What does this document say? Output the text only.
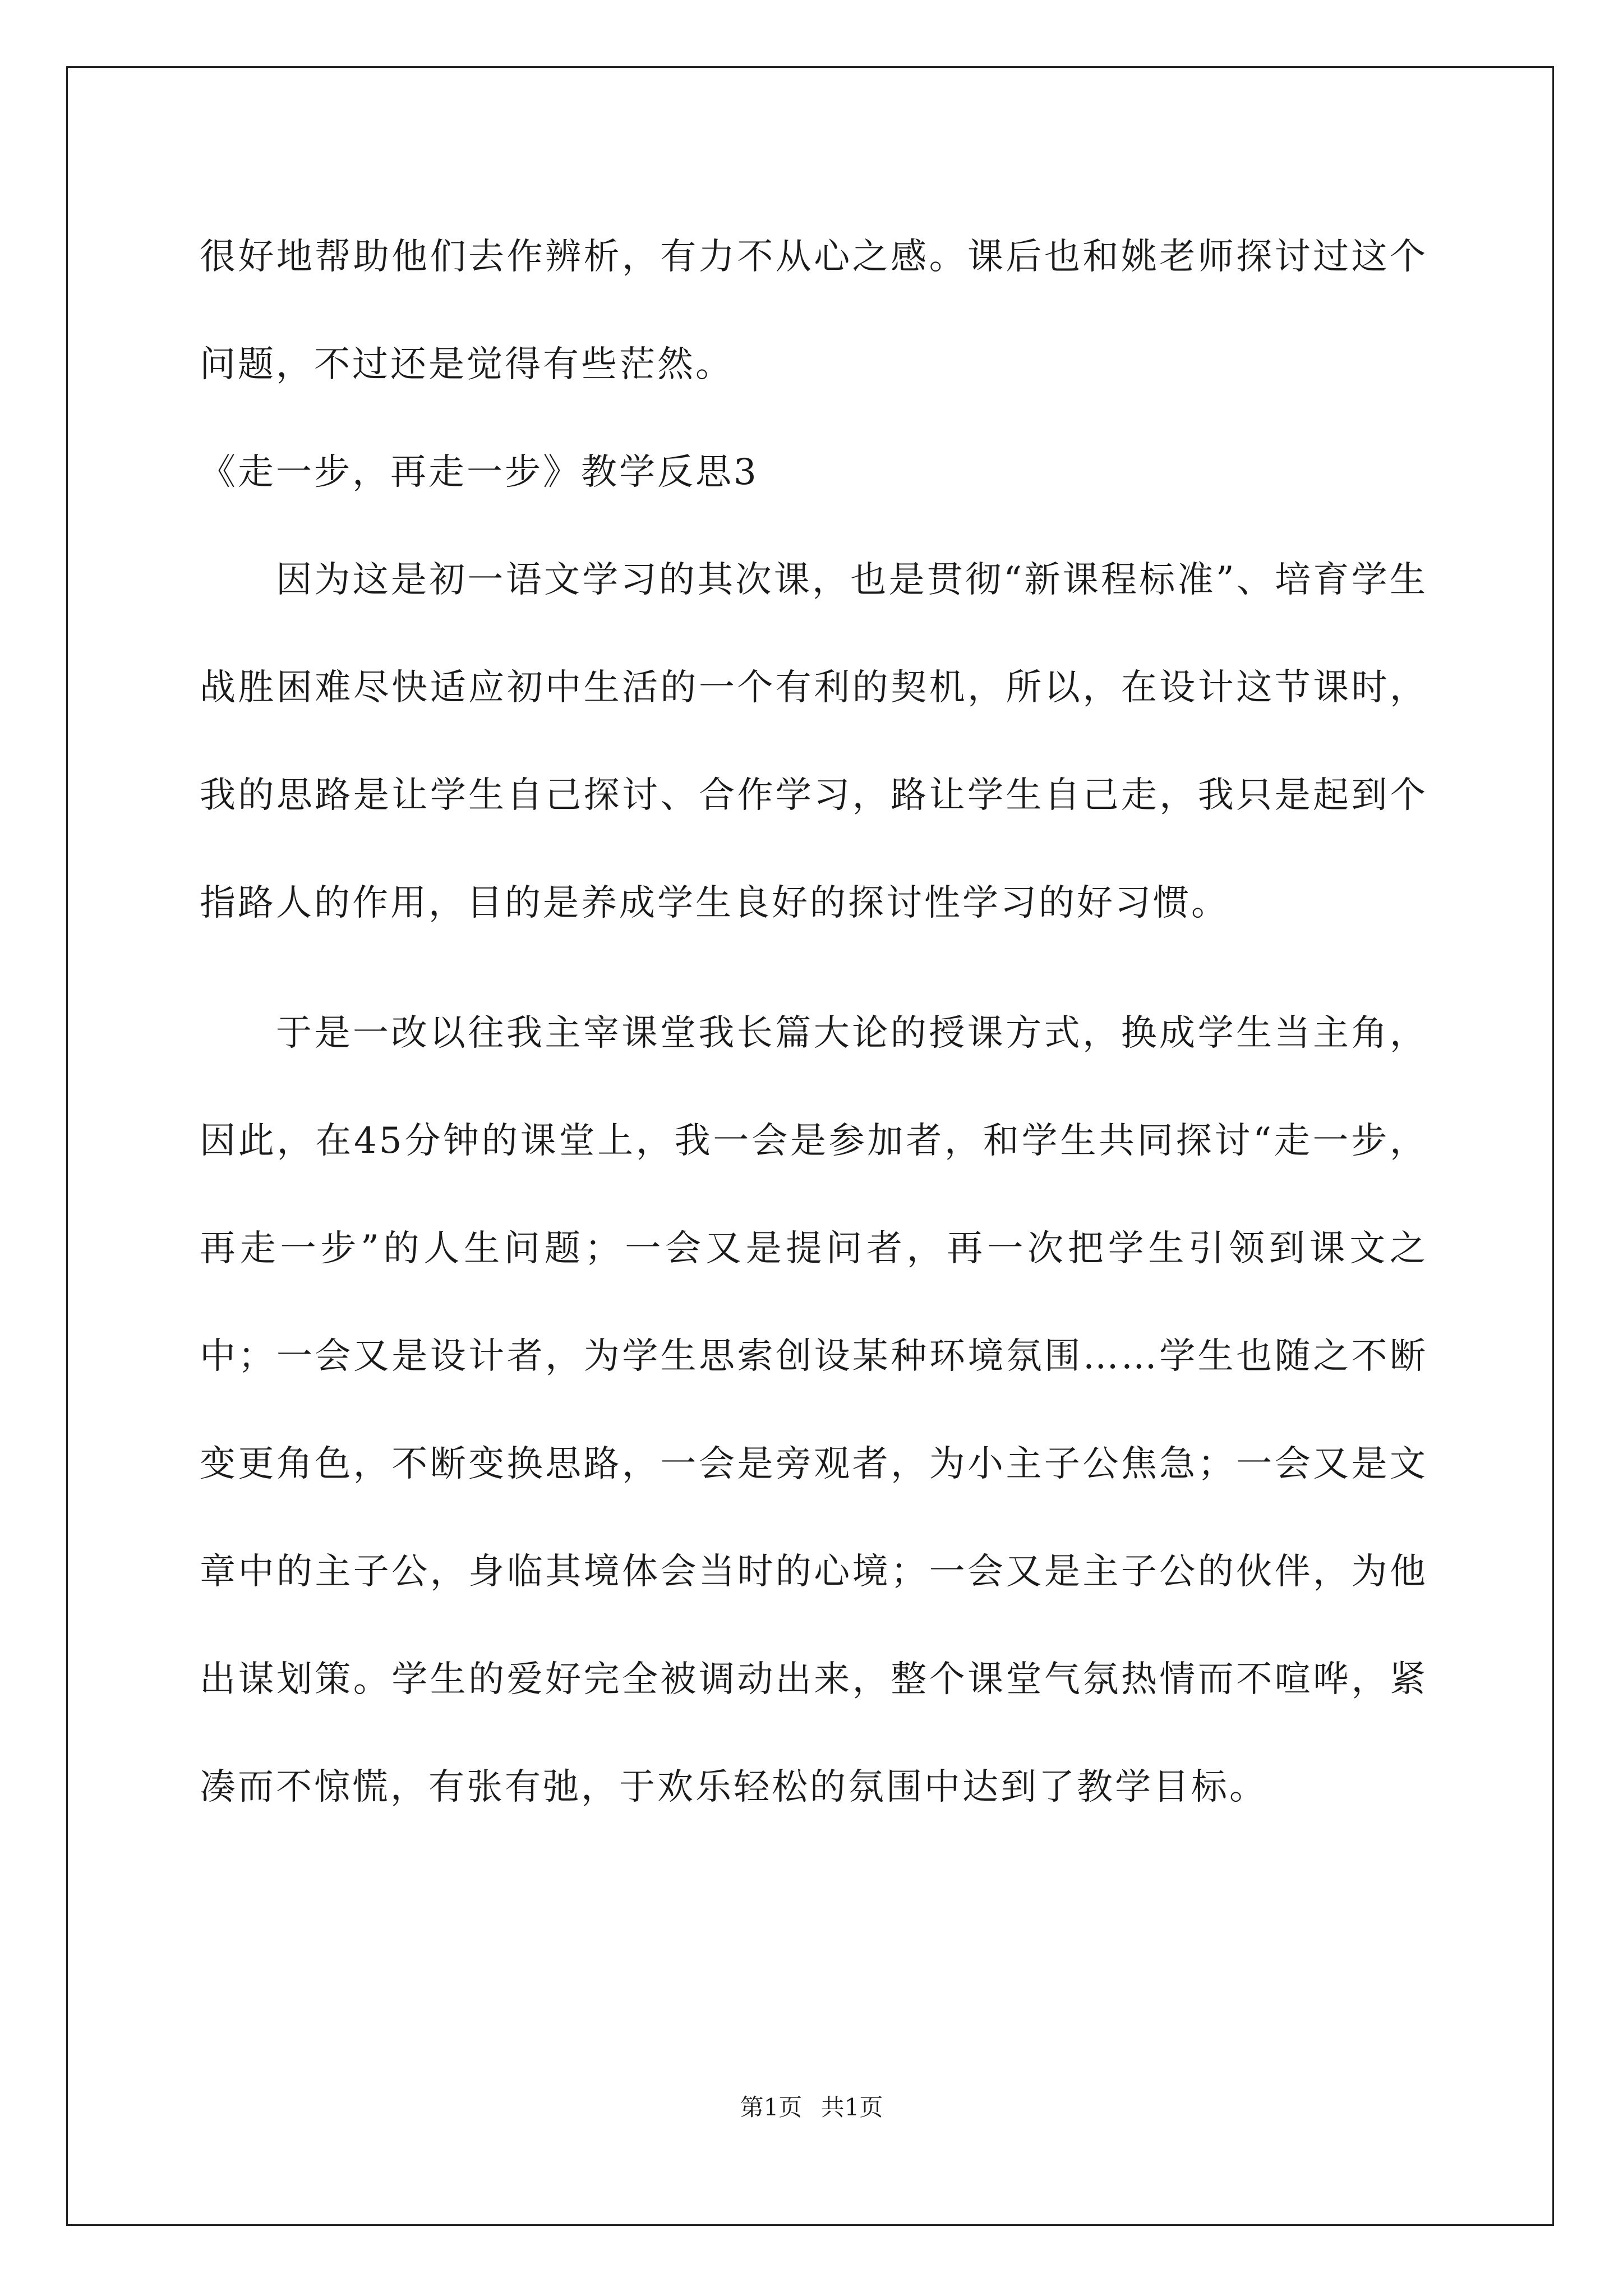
很好地帮助他们去作辨析，有力不从心之感。课后也和姚老师探讨过这个问题，不过还是觉得有些茫然。

《走一步，再走一步》教学反思3

因为这是初一语文学习的其次课，也是贯彻“新课程标准”、培育学生战胜困难尽快适应初中生活的一个有利的契机，所以，在设计这节课时，我的思路是让学生自己探讨、合作学习，路让学生自己走，我只是起到个指路人的作用，目的是养成学生良好的探讨性学习的好习惯。

于是一改以往我主宰课堂我长篇大论的授课方式，换成学生当主角，因此，在45分钟的课堂上，我一会是参加者，和学生共同探讨“走一步，再走一步”的人生问题；一会又是提问者，再一次把学生引领到课文之中；一会又是设计者，为学生思索创设某种环境氛围……学生也随之不断变更角色，不断变换思路，一会是旁观者，为小主子公焦急；一会又是文章中的主子公，身临其境体会当时的心境；一会又是主子公的伙伴，为他出谋划策。学生的爱好完全被调动出来，整个课堂气氛热情而不喧哗，紧凑而不惊慌，有张有弛，于欢乐轻松的氛围中达到了教学目标。

第1页 共1页
